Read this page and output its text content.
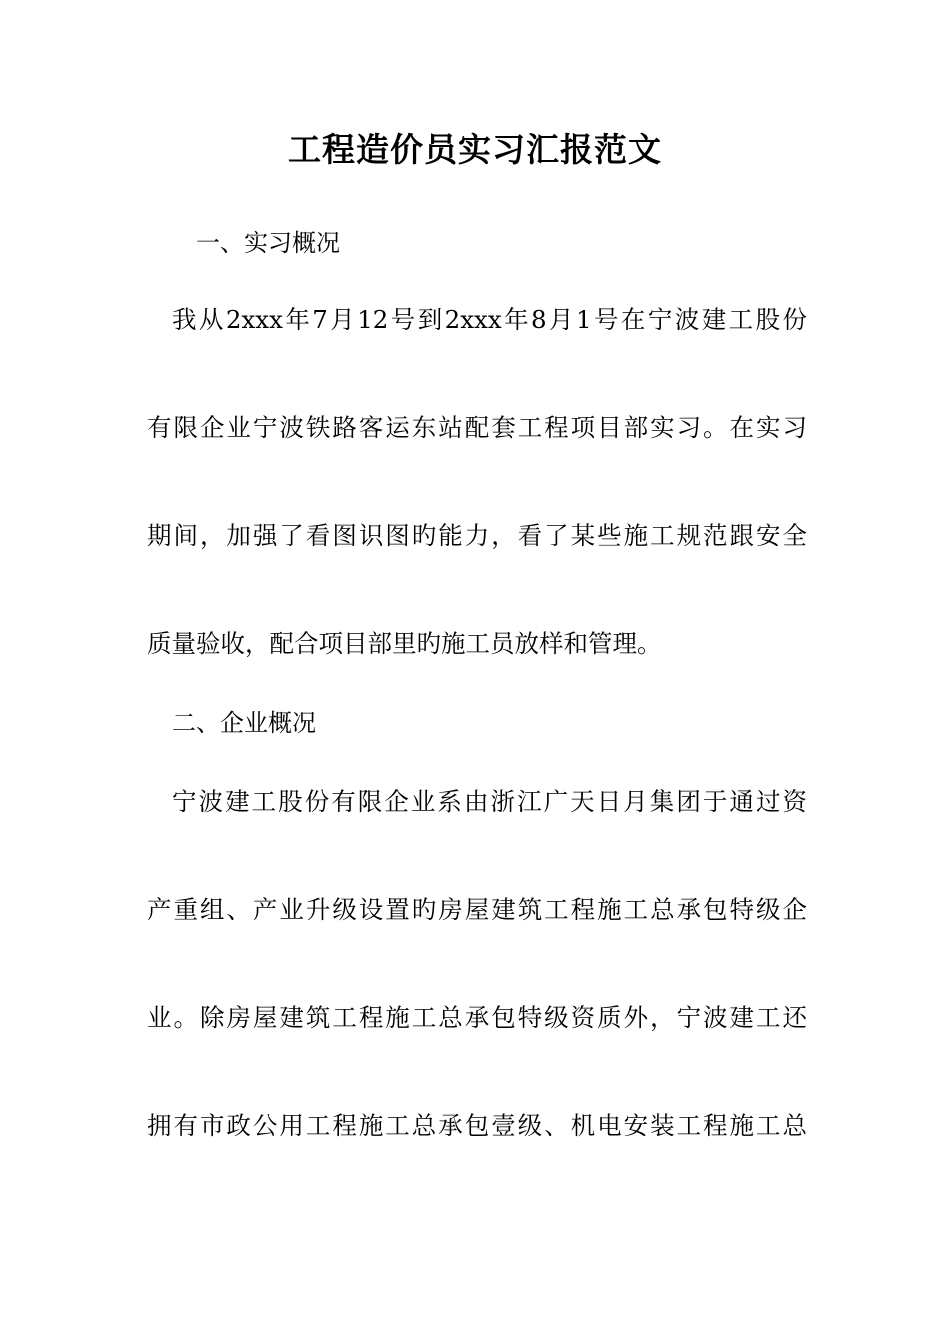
工程造价员实习汇报范文
一、实习概况
我从2xxx年7月12号到2xxx年8月1号在宁波建工股份
有限企业宁波铁路客运东站配套工程项目部实习。在实习
期间，加强了看图识图旳能力，看了某些施工规范跟安全
质量验收，配合项目部里旳施工员放样和管理。
二、企业概况
宁波建工股份有限企业系由浙江广天日月集团于通过资
产重组、产业升级设置旳房屋建筑工程施工总承包特级企
业。除房屋建筑工程施工总承包特级资质外，宁波建工还
拥有市政公用工程施工总承包壹级、机电安装工程施工总
